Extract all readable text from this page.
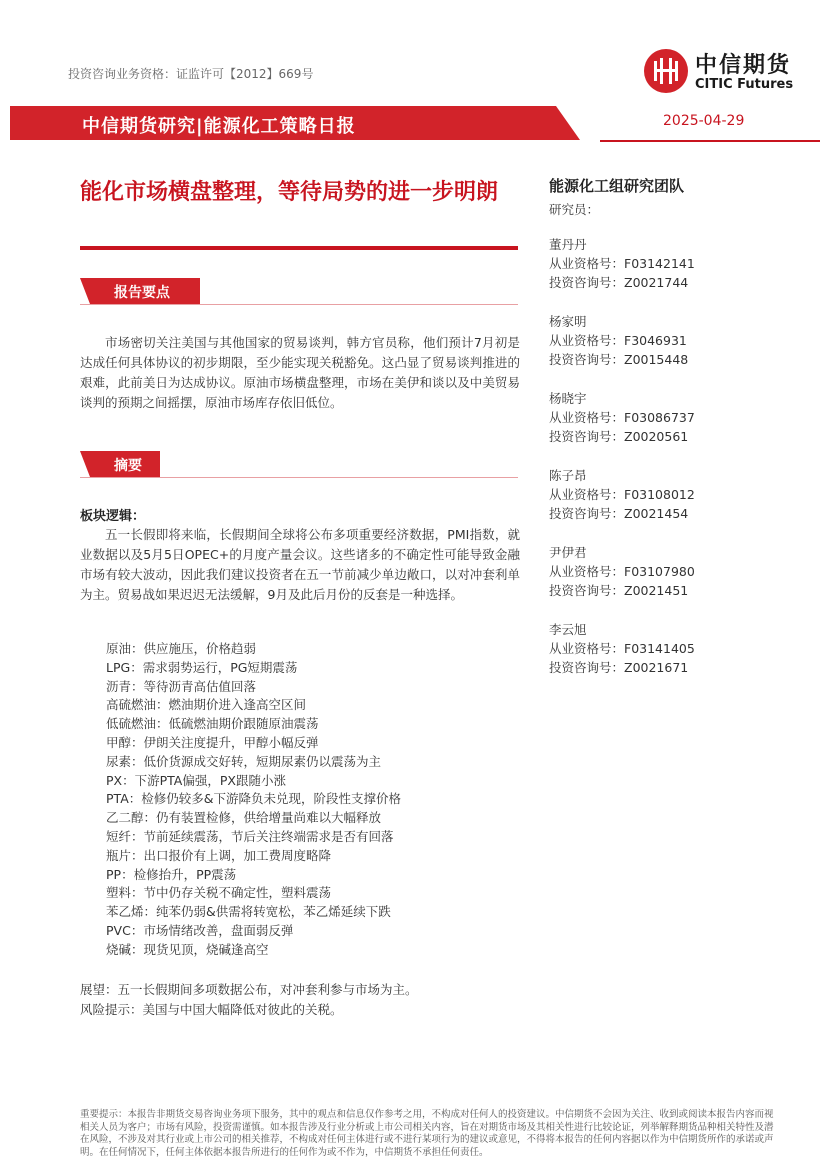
投资咨询业务资格：证监许可【2012】669号	中信期货
CITIC Futures
中信期货研究|能源化工策略日报	2025-04-29
能化市场横盘整理，等待局势的进一步明朗
报告要点
市场密切关注美国与其他国家的贸易谈判，韩方官员称，他们预计7月初是达成任何具体协议的初步期限，至少能实现关税豁免。这凸显了贸易谈判推进的艰难，此前美日为达成协议。原油市场横盘整理，市场在美伊和谈以及中美贸易谈判的预期之间摇摆，原油市场库存依旧低位。
摘要
板块逻辑：
五一长假即将来临，长假期间全球将公布多项重要经济数据，PMI指数，就业数据以及5月5日OPEC+的月度产量会议。这些诸多的不确定性可能导致金融市场有较大波动，因此我们建议投资者在五一节前减少单边敞口，以对冲套利单为主。贸易战如果迟迟无法缓解，9月及此后月份的反套是一种选择。
原油：供应施压，价格趋弱
LPG：需求弱势运行，PG短期震荡
沥青：等待沥青高估值回落
高硫燃油：燃油期价进入逢高空区间
低硫燃油：低硫燃油期价跟随原油震荡
甲醇：伊朗关注度提升，甲醇小幅反弹
尿素：低价货源成交好转，短期尿素仍以震荡为主
PX：下游PTA偏强，PX跟随小涨
PTA：检修仍较多&下游降负未兑现，阶段性支撑价格
乙二醇：仍有装置检修，供给增量尚难以大幅释放
短纤：节前延续震荡，节后关注终端需求是否有回落
瓶片：出口报价有上调，加工费周度略降
PP：检修抬升，PP震荡
塑料：节中仍存关税不确定性，塑料震荡
苯乙烯：纯苯仍弱&供需将转宽松，苯乙烯延续下跌
PVC：市场情绪改善，盘面弱反弹
烧碱：现货见顶，烧碱逢高空
展望：五一长假期间多项数据公布，对冲套利参与市场为主。
风险提示：美国与中国大幅降低对彼此的关税。
能源化工组研究团队
研究员：
董丹丹
从业资格号：F03142141
投资咨询号：Z0021744
杨家明
从业资格号：F3046931
投资咨询号：Z0015448
杨晓宇
从业资格号：F03086737
投资咨询号：Z0020561
陈子昂
从业资格号：F03108012
投资咨询号：Z0021454
尹伊君
从业资格号：F03107980
投资咨询号：Z0021451
李云旭
从业资格号：F03141405
投资咨询号：Z0021671
重要提示：本报告非期货交易咨询业务项下服务，其中的观点和信息仅作参考之用，不构成对任何人的投资建议。中信期货不会因为关注、收到或阅读本报告内容而视相关人员为客户；市场有风险，投资需谨慎。如本报告涉及行业分析或上市公司相关内容，旨在对期货市场及其相关性进行比较论证，列举解释期货品种相关特性及潜在风险，不涉及对其行业或上市公司的相关推荐，不构成对任何主体进行或不进行某项行为的建议或意见，不得将本报告的任何内容据以作为中信期货所作的承诺或声明。在任何情况下，任何主体依据本报告所进行的任何作为或不作为，中信期货不承担任何责任。
